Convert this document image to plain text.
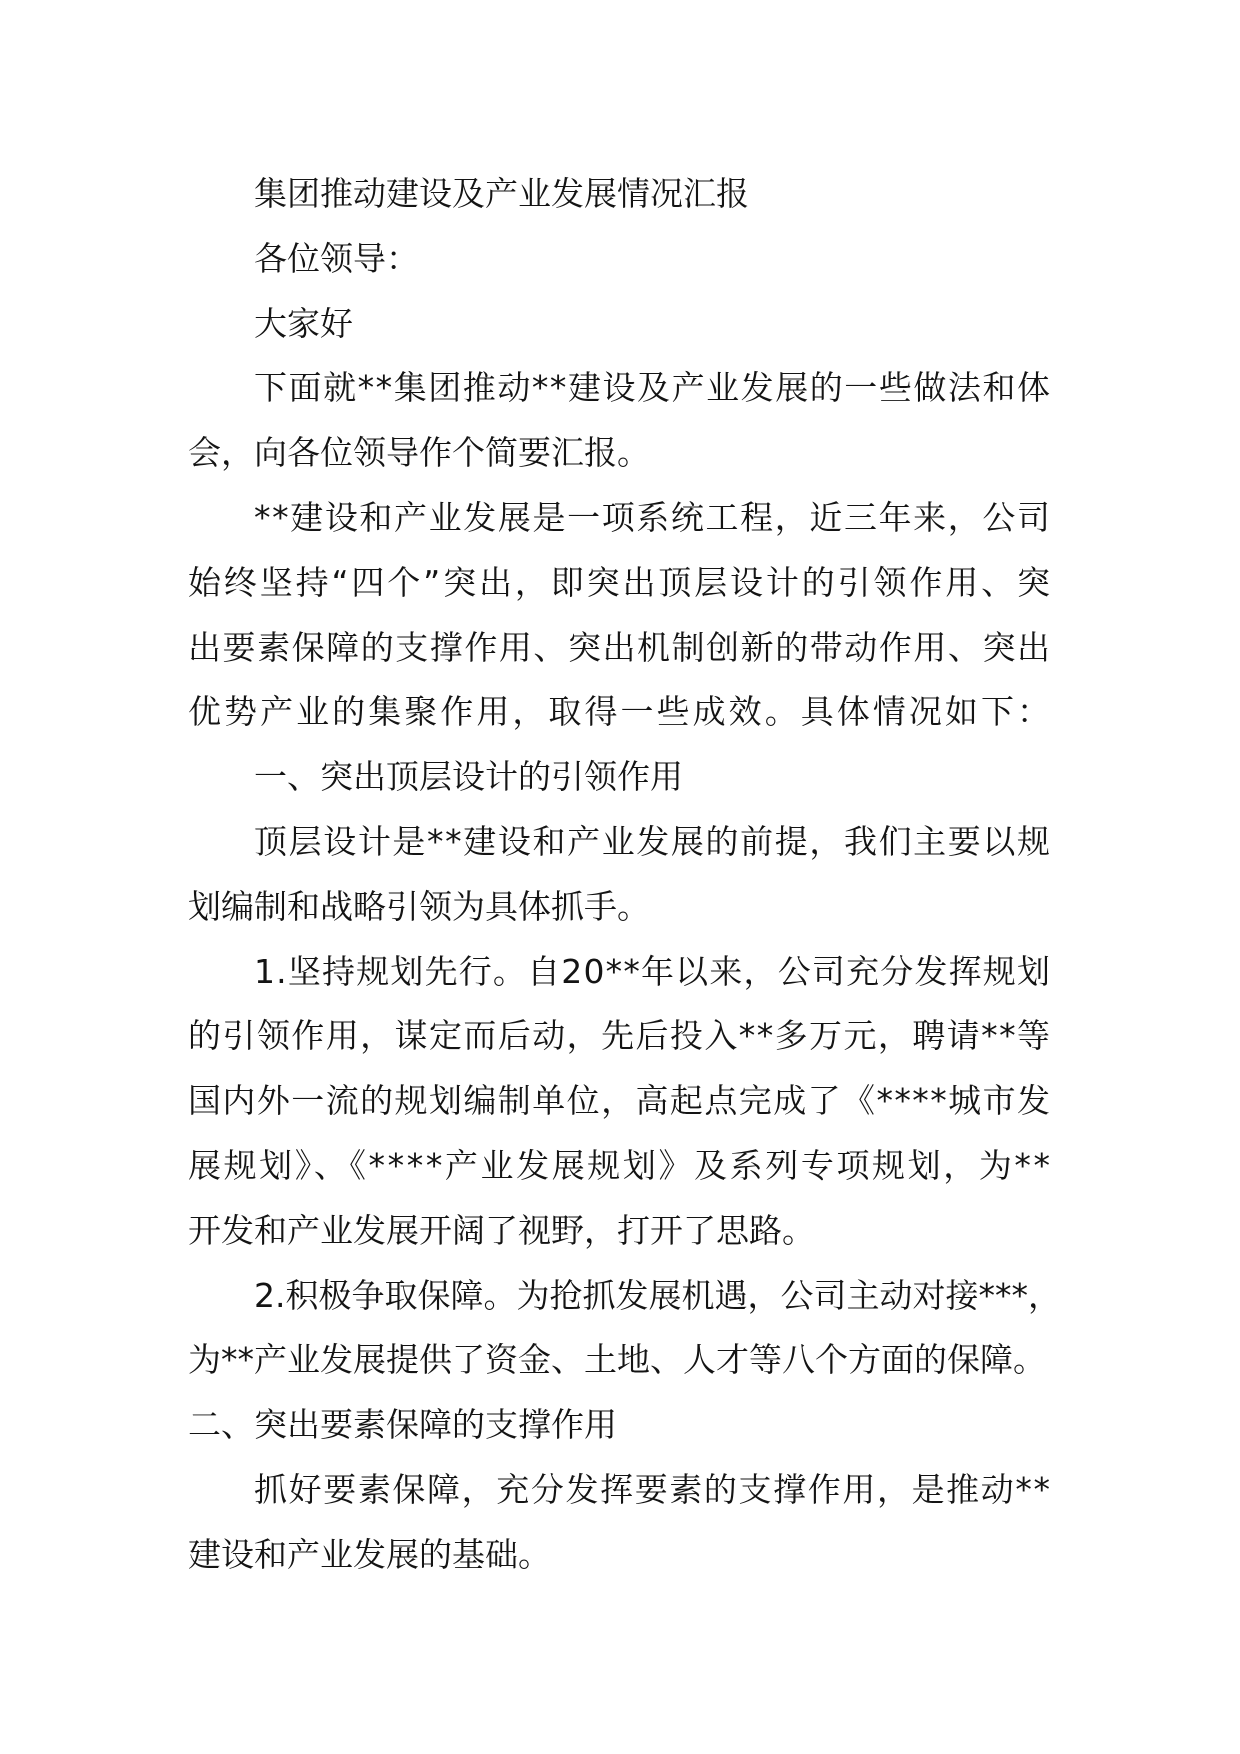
集团推动建设及产业发展情况汇报
各位领导：
大家好
下面就**集团推动**建设及产业发展的一些做法和体
会，向各位领导作个简要汇报。
**建设和产业发展是一项系统工程，近三年来，公司
始终坚持“四个”突出，即突出顶层设计的引领作用、突
出要素保障的支撑作用、突出机制创新的带动作用、突出
优势产业的集聚作用，取得一些成效。具体情况如下：
一、突出顶层设计的引领作用
顶层设计是**建设和产业发展的前提，我们主要以规
划编制和战略引领为具体抓手。
1.坚持规划先行。自20**年以来，公司充分发挥规划
的引领作用，谋定而后动，先后投入**多万元，聘请**等
国内外一流的规划编制单位，高起点完成了《****城市发
展规划》、《****产业发展规划》及系列专项规划，为**
开发和产业发展开阔了视野，打开了思路。
2.积极争取保障。为抢抓发展机遇，公司主动对接***，
为**产业发展提供了资金、土地、人才等八个方面的保障。
二、突出要素保障的支撑作用
抓好要素保障，充分发挥要素的支撑作用，是推动**
建设和产业发展的基础。
